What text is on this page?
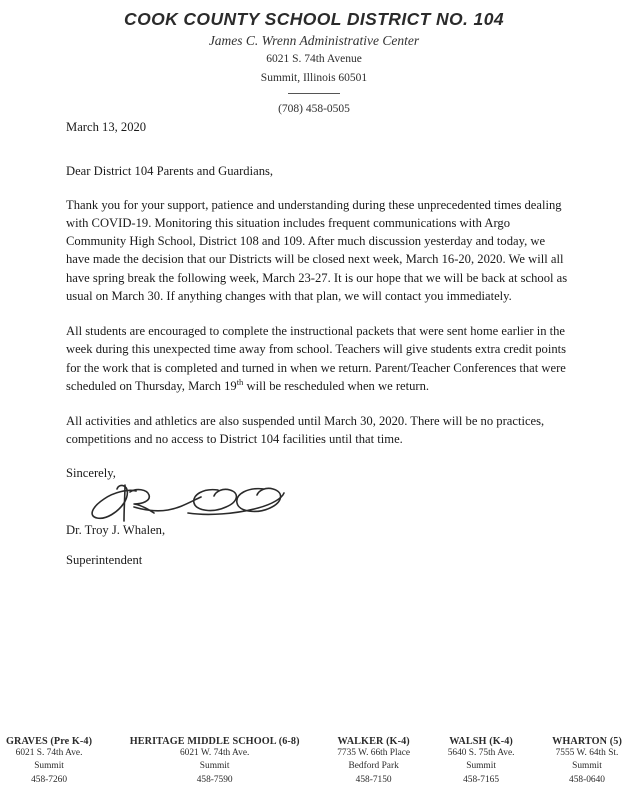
COOK COUNTY SCHOOL DISTRICT NO. 104
James C. Wrenn Administrative Center
6021 S. 74th Avenue
Summit, Illinois 60501
(708) 458-0505
March 13, 2020
Dear District 104 Parents and Guardians,
Thank you for your support, patience and understanding during these unprecedented times dealing with COVID-19. Monitoring this situation includes frequent communications with Argo Community High School, District 108 and 109. After much discussion yesterday and today, we have made the decision that our Districts will be closed next week, March 16-20, 2020. We will all have spring break the following week, March 23-27. It is our hope that we will be back at school as usual on March 30. If anything changes with that plan, we will contact you immediately.
All students are encouraged to complete the instructional packets that were sent home earlier in the week during this unexpected time away from school. Teachers will give students extra credit points for the work that is completed and turned in when we return. Parent/Teacher Conferences that were scheduled on Thursday, March 19th will be rescheduled when we return.
All activities and athletics are also suspended until March 30, 2020. There will be no practices, competitions and no access to District 104 facilities until that time.
Sincerely,
Dr. Troy J. Whalen,
Superintendent
GRAVES (Pre K-4)
6021 S. 74th Ave.
Summit
458-7260
HERITAGE MIDDLE SCHOOL (6-8)
6021 W. 74th Ave.
Summit
458-7590
WALKER (K-4)
7735 W. 66th Place
Bedford Park
458-7150
WALSH (K-4)
5640 S. 75th Ave.
Summit
458-7165
WHARTON (5)
7555 W. 64th St.
Summit
458-0640
